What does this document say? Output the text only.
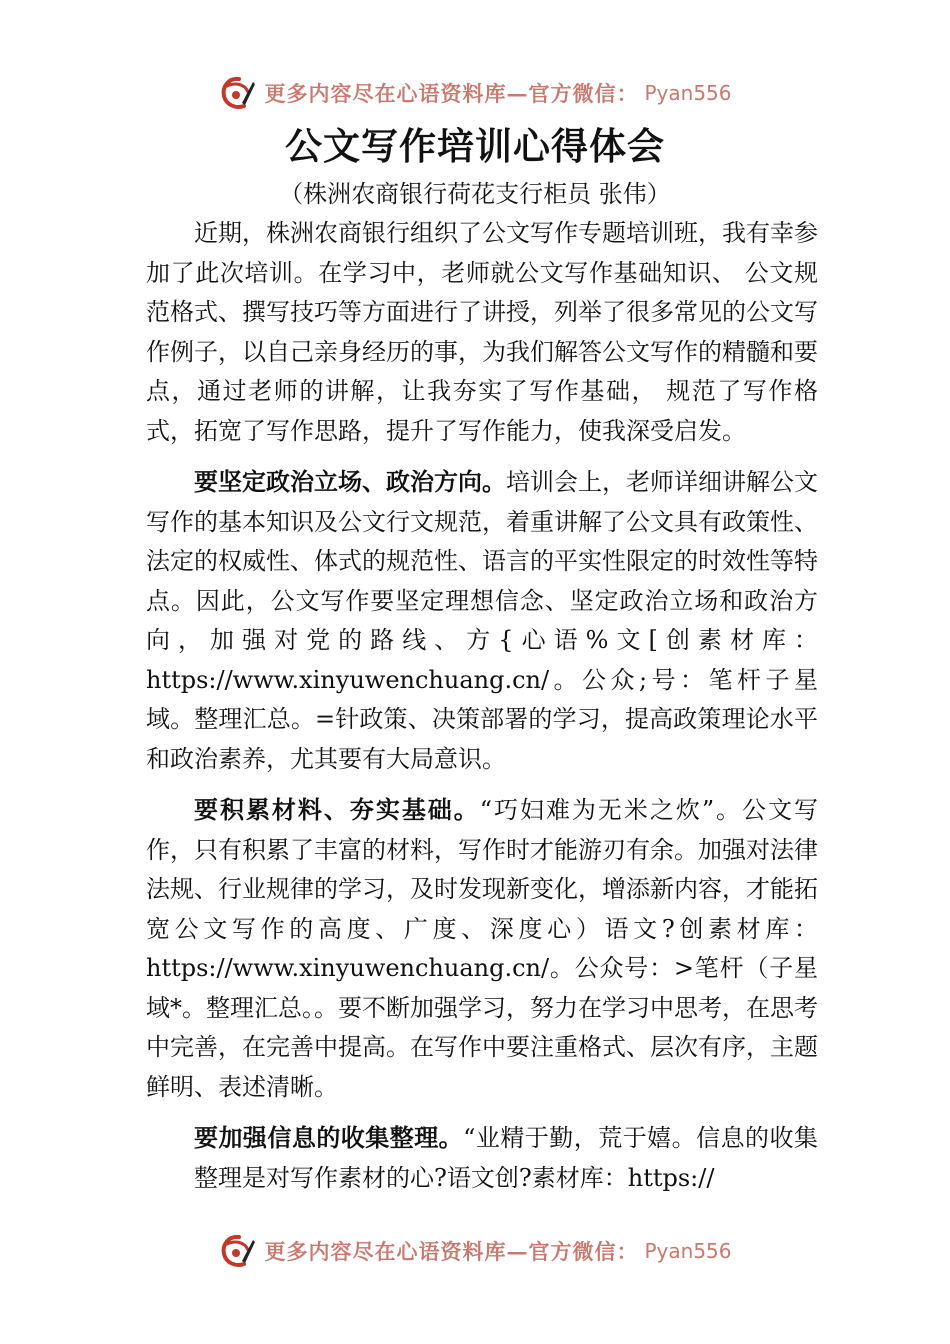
更多内容尽在心语资料库—官方微信： Pyan556
公文写作培训心得体会

（株洲农商银行荷花支行柜员 张伟）

近期，株洲农商银行组织了公文写作专题培训班，我有幸参加了此次培训。在学习中，老师就公文写作基础知识、 公文规范格式、撰写技巧等方面进行了讲授，列举了很多常见的公文写作例子，以自己亲身经历的事，为我们解答公文写作的精髓和要点，通过老师的讲解，让我夯实了写作基础， 规范了写作格式，拓宽了写作思路，提升了写作能力，使我深受启发。

要坚定政治立场、政治方向。培训会上，老师详细讲解公文写作的基本知识及公文行文规范，着重讲解了公文具有政策性、法定的权威性、体式的规范性、语言的平实性限定的时效性等特点。因此，公文写作要坚定理想信念、坚定政治立场和政治方向，加强对党的路线、方{心语%文[创素材库：https://www.xinyuwenchuang.cn/。公众;号：笔杆子星域。整理汇总。=针政策、决策部署的学习，提高政策理论水平和政治素养，尤其要有大局意识。

要积累材料、夯实基础。“巧妇难为无米之炊”。公文写作，只有积累了丰富的材料，写作时才能游刃有余。加强对法律法规、行业规律的学习，及时发现新变化，增添新内容，才能拓宽公文写作的高度、广度、深度心）语文?创素材库：https://www.xinyuwenchuang.cn/。公众号：>笔杆（子星域*。整理汇总。。要不断加强学习，努力在学习中思考，在思考中完善，在完善中提高。在写作中要注重格式、层次有序，主题鲜明、表述清晰。

要加强信息的收集整理。“业精于勤，荒于嬉。信息的收集整理是对写作素材的心?语文创?素材库：https://

更多内容尽在心语资料库—官方微信： Pyan556
